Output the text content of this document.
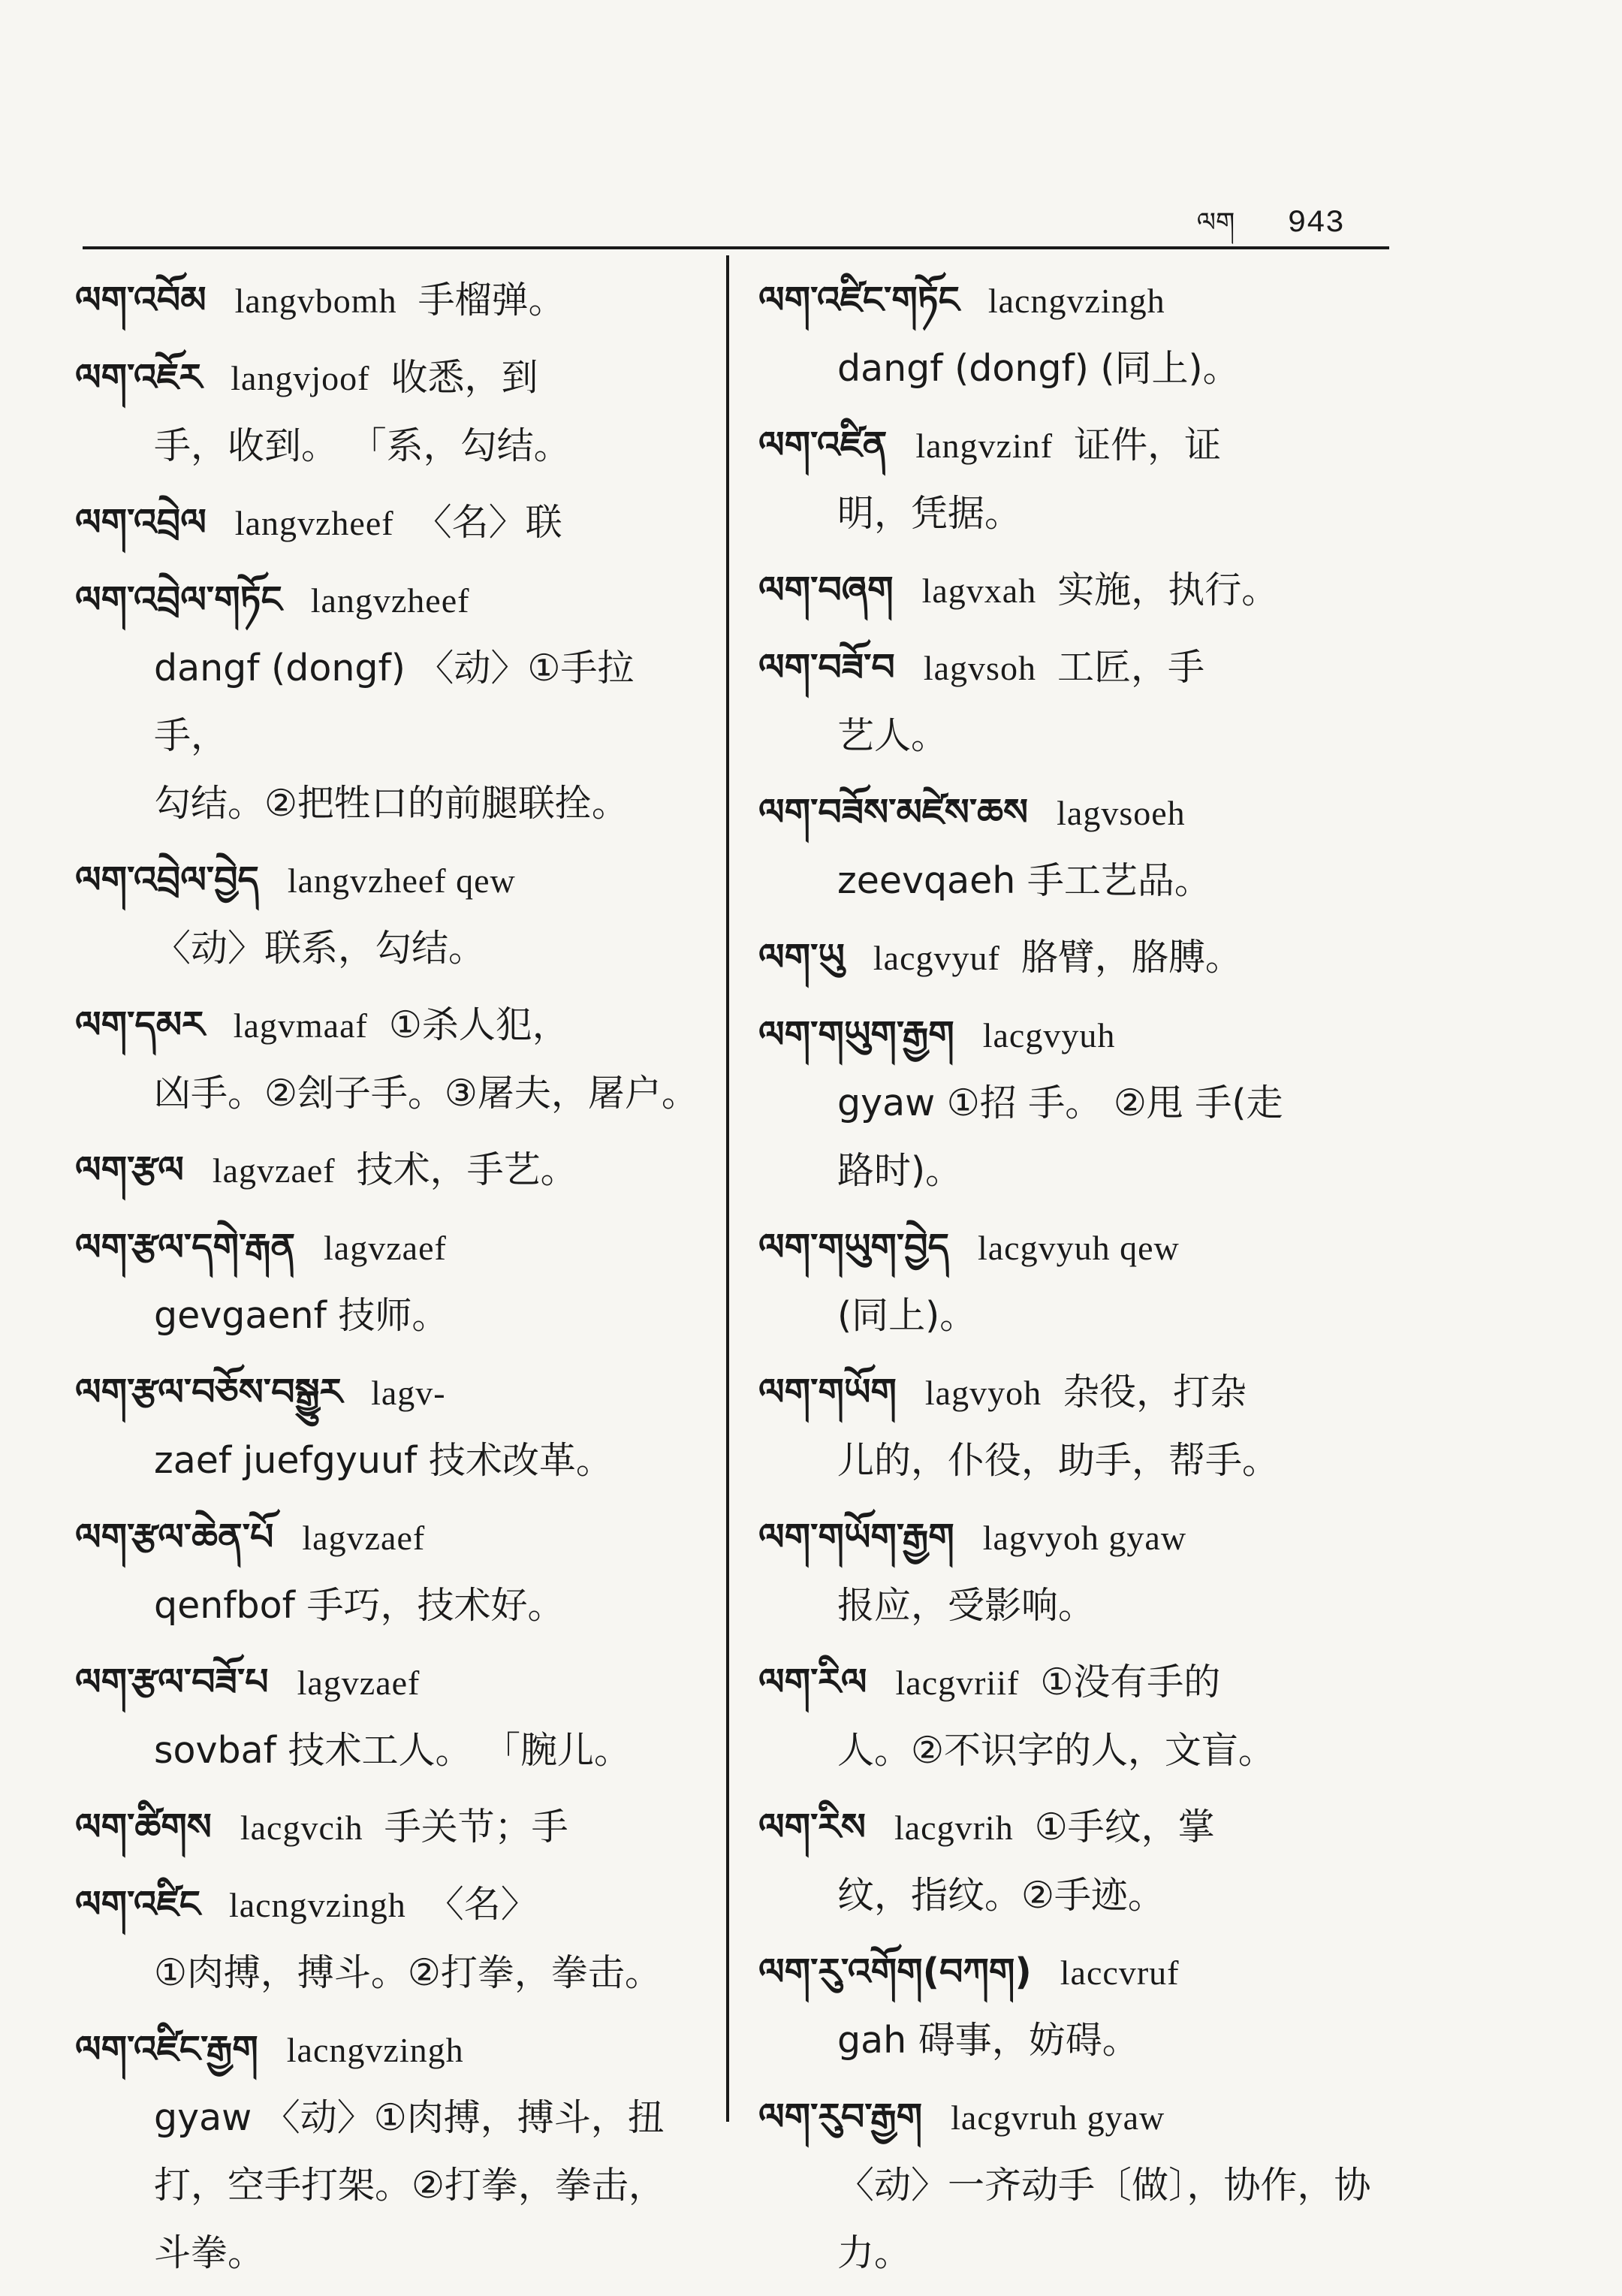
ལག 943
ལག་འབོམ langvbomh 手榴弹。
ལག་འཇོར langvjoof 收悉，到
手，收到。 「系，勾结。
ལག་འབྲེལ langvzheef 〈名〉联
ལག་འབྲེལ་གཏོང langvzheef
dangf (dongf) 〈动〉①手拉手，
勾结。②把牲口的前腿联拴。
ལག་འབྲེལ་བྱེད langvzheef qew
〈动〉联系，勾结。
ལག་དམར lagvmaaf ①杀人犯，
凶手。②刽子手。③屠夫，屠户。
ལག་རྩལ lagvzaef 技术，手艺。
ལག་རྩལ་དགེ་རྒན lagvzaef
gevgaenf 技师。
ལག་རྩལ་བཅོས་བསྒྱུར lagv-
zaef juefgyuuf 技术改革。
ལག་རྩལ་ཆེན་པོ lagvzaef
qenfbof 手巧，技术好。
ལག་རྩལ་བཟོ་པ lagvzaef
sovbaf 技术工人。 「腕儿。
ལག་ཚིགས lacgvcih 手关节；手
ལག་འཛིང lacngvzingh 〈名〉
①肉搏，搏斗。②打拳，拳击。
ལག་འཛིང་རྒྱག lacngvzingh
gyaw 〈动〉①肉搏，搏斗，扭
打，空手打架。②打拳，拳击，
斗拳。
ལག་འཛིང་གཏོང lacngvzingh
dangf (dongf) (同上)。
ལག་འཛིན langvzinf 证件，证
明，凭据。
ལག་བཞག lagvxah 实施，执行。
ལག་བཟོ་བ lagvsoh 工匠，手
艺人。
ལག་བཟོས་མཛེས་ཆས lagvsoeh
zeevqaeh 手工艺品。
ལག་ཡུ lacgvyuf 胳臂，胳膊。
ལག་གཡུག་རྒྱག lacgvyuh
gyaw ①招 手。 ②甩 手(走
路时)。
ལག་གཡུག་བྱེད lacgvyuh qew
(同上)。
ལག་གཡོག lagvyoh 杂役，打杂
儿的，仆役，助手，帮手。
ལག་གཡོག་རྒྱག lagvyoh gyaw
报应，受影响。
ལག་རིལ lacgvriif ①没有手的
人。②不识字的人，文盲。
ལག་རིས lacgvrih ①手纹，掌
纹，指纹。②手迹。
ལག་རུ་འགོག(བཀག) laccvruf
gah 碍事，妨碍。
ལག་རུབ་རྒྱག lacgvruh gyaw
〈动〉一齐动手〔做〕，协作，协力。
